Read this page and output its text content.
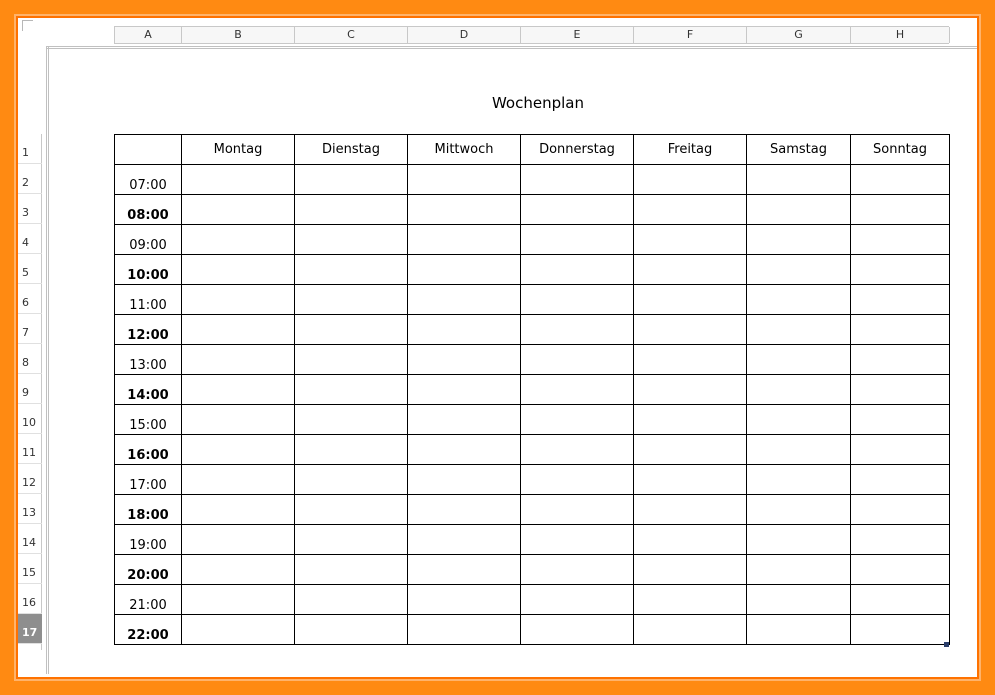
A	B	C	D	E	F	G	H
1
2
3
4
5
6
7
8
9
10
11
12
13
14
15
16
17
Wochenplan
	Montag	Dienstag	Mittwoch	Donnerstag	Freitag	Samstag	Sonntag
07:00							
08:00							
09:00							
10:00							
11:00							
12:00							
13:00							
14:00							
15:00							
16:00							
17:00							
18:00							
19:00							
20:00							
21:00							
22:00							
